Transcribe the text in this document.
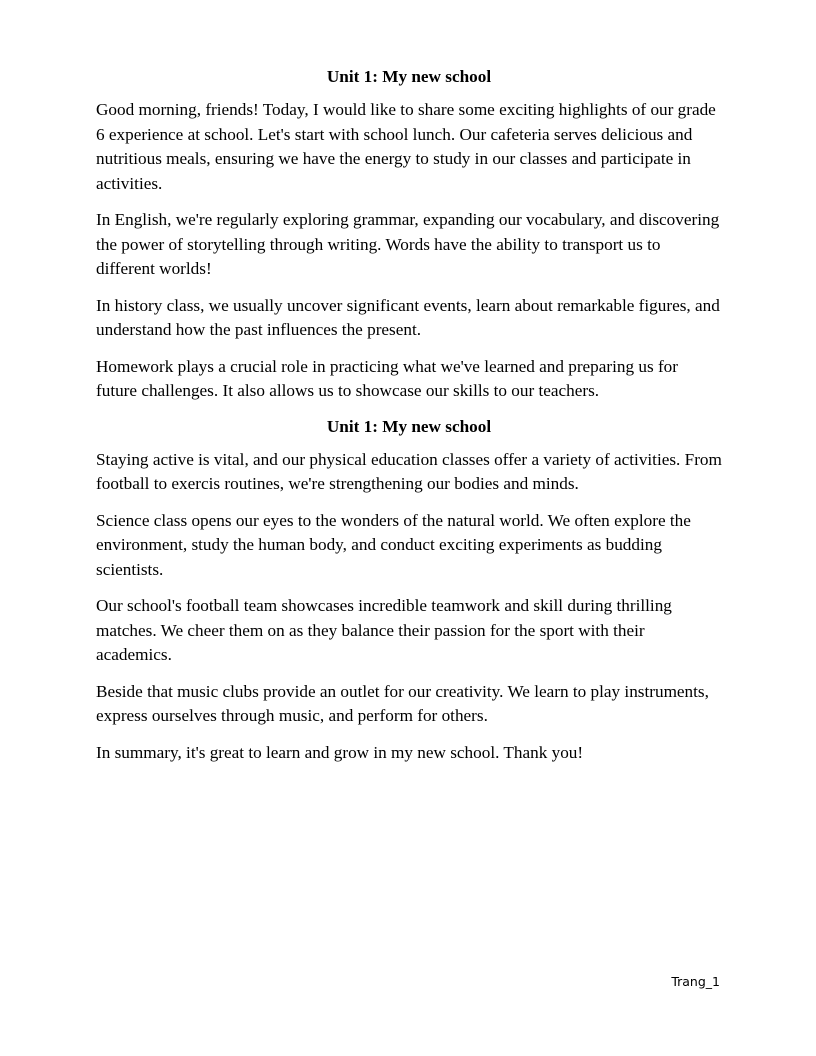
Unit 1: My new school

Good morning, friends! Today, I would like to share some exciting highlights of our grade 6 experience at school. Let's start with school lunch. Our cafeteria serves delicious and nutritious meals, ensuring we have the energy to study in our classes and participate in activities.

In English, we're regularly exploring grammar, expanding our vocabulary, and discovering the power of storytelling through writing. Words have the ability to transport us to different worlds!

In history class, we usually uncover significant events, learn about remarkable figures, and understand how the past influences the present.

Homework plays a crucial role in practicing what we've learned and preparing us for future challenges. It also allows us to showcase our skills to our teachers.

Unit 1: My new school

Staying active is vital, and our physical education classes offer a variety of activities. From football to exercis routines, we're strengthening our bodies and minds.

Science class opens our eyes to the wonders of the natural world. We often explore the environment, study the human body, and conduct exciting experiments as budding scientists.

Our school's football team showcases incredible teamwork and skill during thrilling matches. We cheer them on as they balance their passion for the sport with their academics.

Beside that music clubs provide an outlet for our creativity. We learn to play instruments, express ourselves through music, and perform for others.

In summary, it's great to learn and grow in my new school. Thank you!

Trang_1
